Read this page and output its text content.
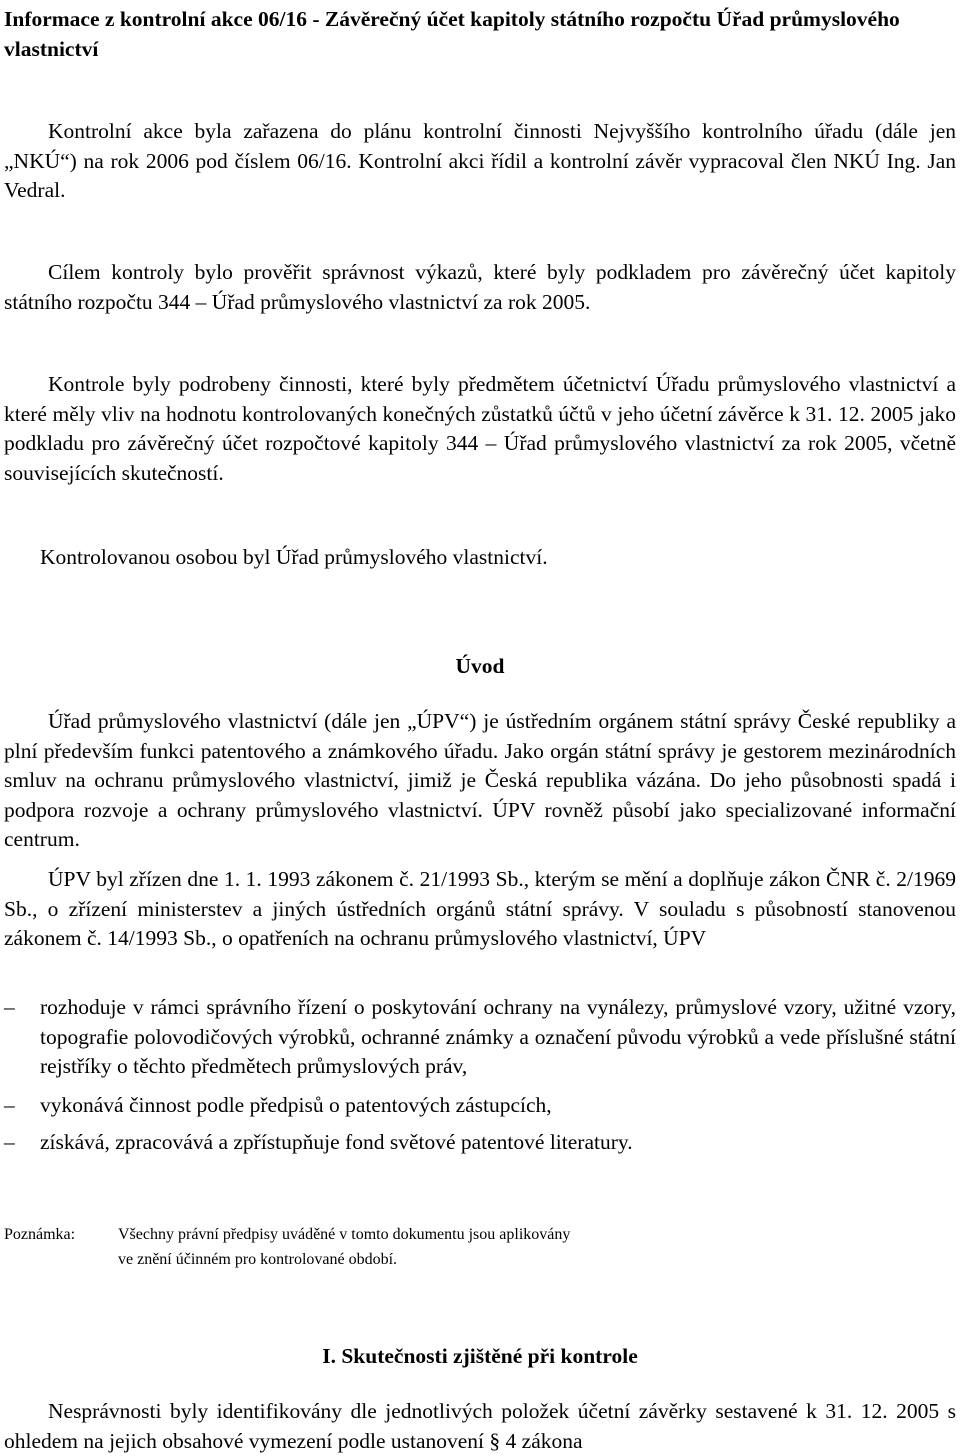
Informace z kontrolní akce 06/16 - Závěrečný účet kapitoly státního rozpočtu Úřad průmyslového vlastnictví

Kontrolní akce byla zařazena do plánu kontrolní činnosti Nejvyššího kontrolního úřadu (dále jen „NKÚ“) na rok 2006 pod číslem 06/16. Kontrolní akci řídil a kontrolní závěr vypracoval člen NKÚ Ing. Jan Vedral.

Cílem kontroly bylo prověřit správnost výkazů, které byly podkladem pro závěrečný účet kapitoly státního rozpočtu 344 – Úřad průmyslového vlastnictví za rok 2005.

Kontrole byly podrobeny činnosti, které byly předmětem účetnictví Úřadu průmyslového vlastnictví a které měly vliv na hodnotu kontrolovaných konečných zůstatků účtů v jeho účetní závěrce k 31. 12. 2005 jako podkladu pro závěrečný účet rozpočtové kapitoly 344 – Úřad průmyslového vlastnictví za rok 2005, včetně souvisejících skutečností.

Kontrolovanou osobou byl Úřad průmyslového vlastnictví.

Úvod

Úřad průmyslového vlastnictví (dále jen „ÚPV“) je ústředním orgánem státní správy České republiky a plní především funkci patentového a známkového úřadu. Jako orgán státní správy je gestorem mezinárodních smluv na ochranu průmyslového vlastnictví, jimiž je Česká republika vázána. Do jeho působnosti spadá i podpora rozvoje a ochrany průmyslového vlastnictví. ÚPV rovněž působí jako specializované informační centrum.

ÚPV byl zřízen dne 1. 1. 1993 zákonem č. 21/1993 Sb., kterým se mění a doplňuje zákon ČNR č. 2/1969 Sb., o zřízení ministerstev a jiných ústředních orgánů státní správy. V souladu s působností stanovenou zákonem č. 14/1993 Sb., o opatřeních na ochranu průmyslového vlastnictví, ÚPV

–	rozhoduje v rámci správního řízení o poskytování ochrany na vynálezy, průmyslové vzory, užitné vzory, topografie polovodičových výrobků, ochranné známky a označení původu výrobků a vede příslušné státní rejstříky o těchto předmětech průmyslových práv,
–	vykonává činnost podle předpisů o patentových zástupcích,
–	získává, zpracovává a zpřístupňuje fond světové patentové literatury.
Poznámka:	Všechny právní předpisy uváděné v tomto dokumentu jsou aplikovány
ve znění účinném pro kontrolované období.

I. Skutečnosti zjištěné při kontrole

Nesprávnosti byly identifikovány dle jednotlivých položek účetní závěrky sestavené k 31. 12. 2005 s ohledem na jejich obsahové vymezení podle ustanovení § 4 zákona
